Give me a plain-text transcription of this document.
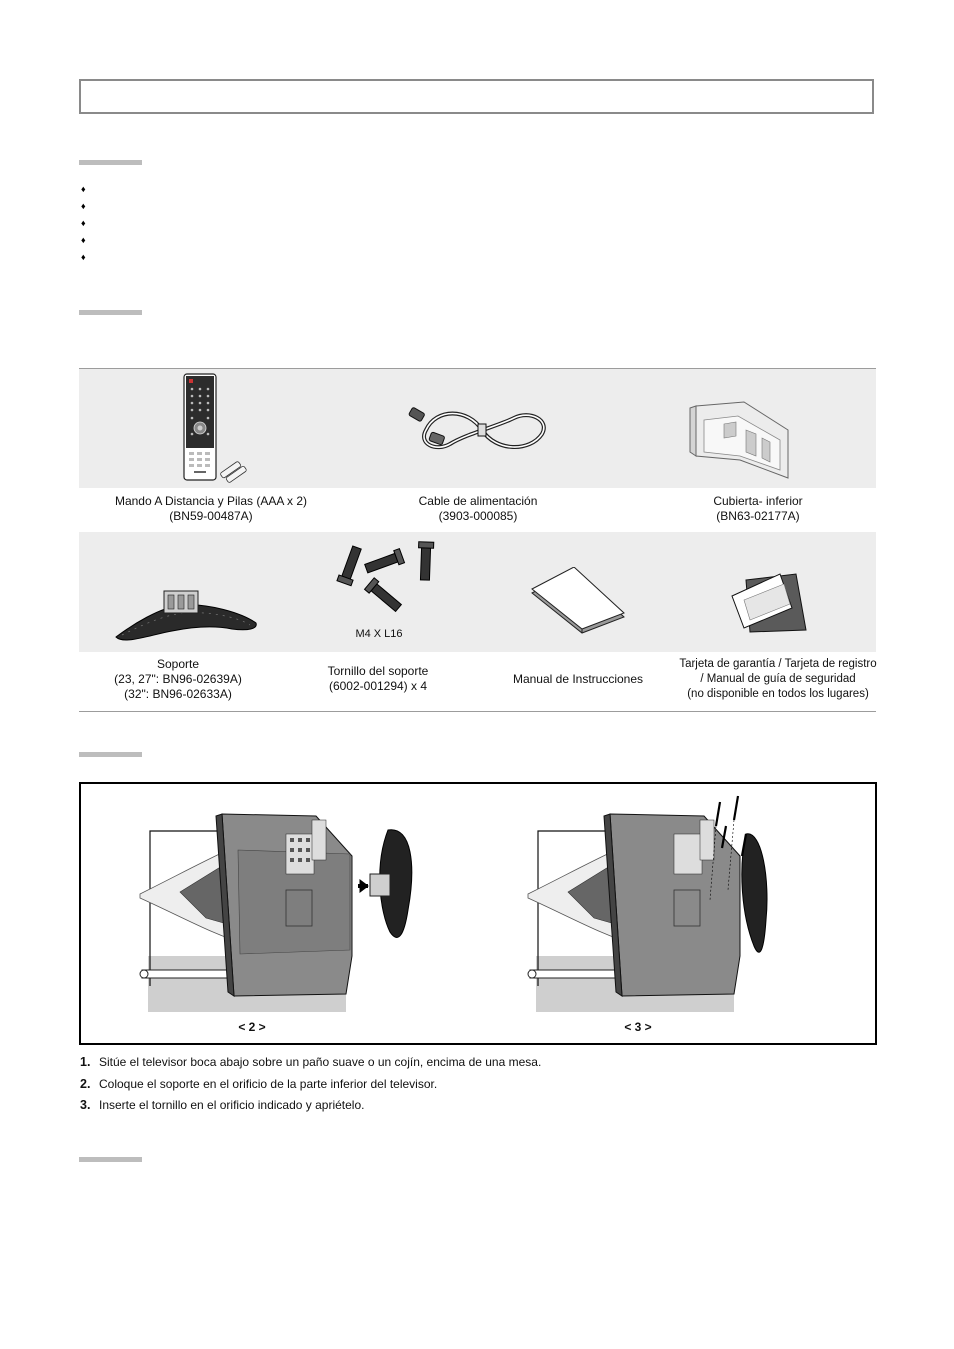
♦
♦
♦
♦
♦
Mando A Distancia y Pilas (AAA x 2)
(BN59-00487A)
Cable de alimentación
(3903-000085)
Cubierta- inferior
(BN63-02177A)
M4 X L16
Soporte
(23, 27": BN96-02639A)
(32": BN96-02633A)
Tornillo del soporte
(6002-001294) x 4	Manual de Instrucciones
Tarjeta de garantía / Tarjeta de registro
/ Manual de guía de seguridad
(no disponible en todos los lugares)
< 2 >	< 3 >
1. Sitúe el televisor boca abajo sobre un paño suave o un cojín, encima de una mesa.
2. Coloque el soporte en el orificio de la parte inferior del televisor.
3. Inserte el tornillo en el orificio indicado y apriételo.
